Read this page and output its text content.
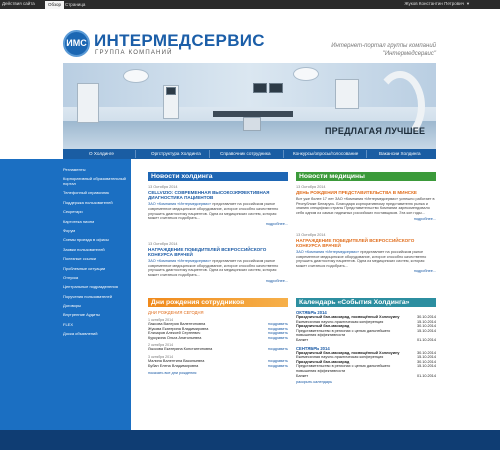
Действия сайта	Обзор Страница	Жуков Константин Петрович ▼
ИМС ИНТЕРМЕДСЕРВИС
ГРУППА КОМПАНИЙ
Интернет-портал группы компаний "Интермедсервис"
ПРЕДЛАГАЯ ЛУЧШЕЕ
О Холдинге	Оргструктура Холдинга	Справочник сотрудника	Конкурсы/опросы/голосование	Вакансии Холдинга
Регламенты
Корпоративный образовательный портал
Телефонный справочник
Поддержка пользователей
Секретари
Картотека писем
Форум
Схемы проезда в офисы
Заявки пользователей
Полезные ссылки
Проблемные ситуации
Отпуска
Центральные подразделения
Поручения пользователей
Договоры
Внутренние Аудиты
FLEX
Доска объявлений
Новости холдинга
13 Октября 2014
CELLVIZIO: СОВРЕМЕННАЯ ВЫСОКОЭФФЕКТИВНАЯ ДИАГНОСТИКА ПАЦИЕНТОВ
ЗАО «Компания «Интермедсервис» представляет на российском рынке современное медицинское оборудование, которое способно качественно улучшить диагностику пациентов. Одна из медицинских систем, которая может считаться подобрать...
подробнее...
13 Октября 2014
НАГРАЖДЕНИЕ ПОБЕДИТЕЛЕЙ ВСЕРОССИЙСКОГО КОНКУРСА ВРАЧЕЙ
ЗАО «Компания «Интермедсервис» представляет на российском рынке современное медицинское оборудование, которое способно качественно улучшить диагностику пациентов. Одна из медицинских систем, которая может считаться подобрать...
подробнее...
Новости медицины
13 Октября 2014
ДЕНЬ РОЖДЕНИЯ ПРЕДСТАВИТЕЛЬСТВА В МИНСКЕ
Вот уже более 17 лет ЗАО «Компания «Интермедсервис» успешно работает в Республике Беларусь. Благодаря корпоративному представителю рынка и знанию специфики страны Представительство Компании зарекомендовало себя одним из самых надежных российских поставщиков. Зта кон годы...
подробнее...
13 Октября 2014
НАГРАЖДЕНИЕ ПОБЕДИТЕЛЕЙ ВСЕРОССИЙСКОГО КОНКУРСА ВРАЧЕЙ
ЗАО «Компания «Интермедсервис» представляет на российском рынке современное медицинское оборудование, которое способно качественно улучшить диагностику пациентов. Одна из медицинских систем, которая может считаться подобрать...
подробнее...
Дни рождения сотрудников
ДНИ РОЖДЕНИЯ СЕГОДНЯ
1 октября 2014
Лаксова Валерия Валентиновна	поздравить
Жукова Екатерина Владимировна	поздравить
Елизаров Алексей Сергеевич	поздравить
Куркукина Ольга Анатольевна	поздравить
2 октября 2014
Лыскова Екатерина Константиновна	поздравить
3 октября 2014
Малина Валентина Васильевна	поздравить
Бубан Елена Владимировна	поздравить
показать все дни рождения
Календарь «События Холдинга»
ОКТЯБРЬ 2014
Праздничный бал-маскарад, посвящённый Хэллоуину	30.10.2014
Ежемесячная научно-практическая конференция	15.10.2014
Праздничный бал-маскарад	30.10.2014
Представительство в регионах с целью дальнейшего повышения эффективности
15.10.2014
Банкет	01.10.2014
СЕНТЯБРЬ 2014
Праздничный бал-маскарад, посвящённый Хэллоуину	30.10.2014
Ежемесячная научно-практическая конференция	15.10.2014
Праздничный бал-маскарад	30.10.2014
Представительство в регионах с целью дальнейшего повышения эффективности
15.10.2014
Банкет	01.10.2014
раскрыть календарь
